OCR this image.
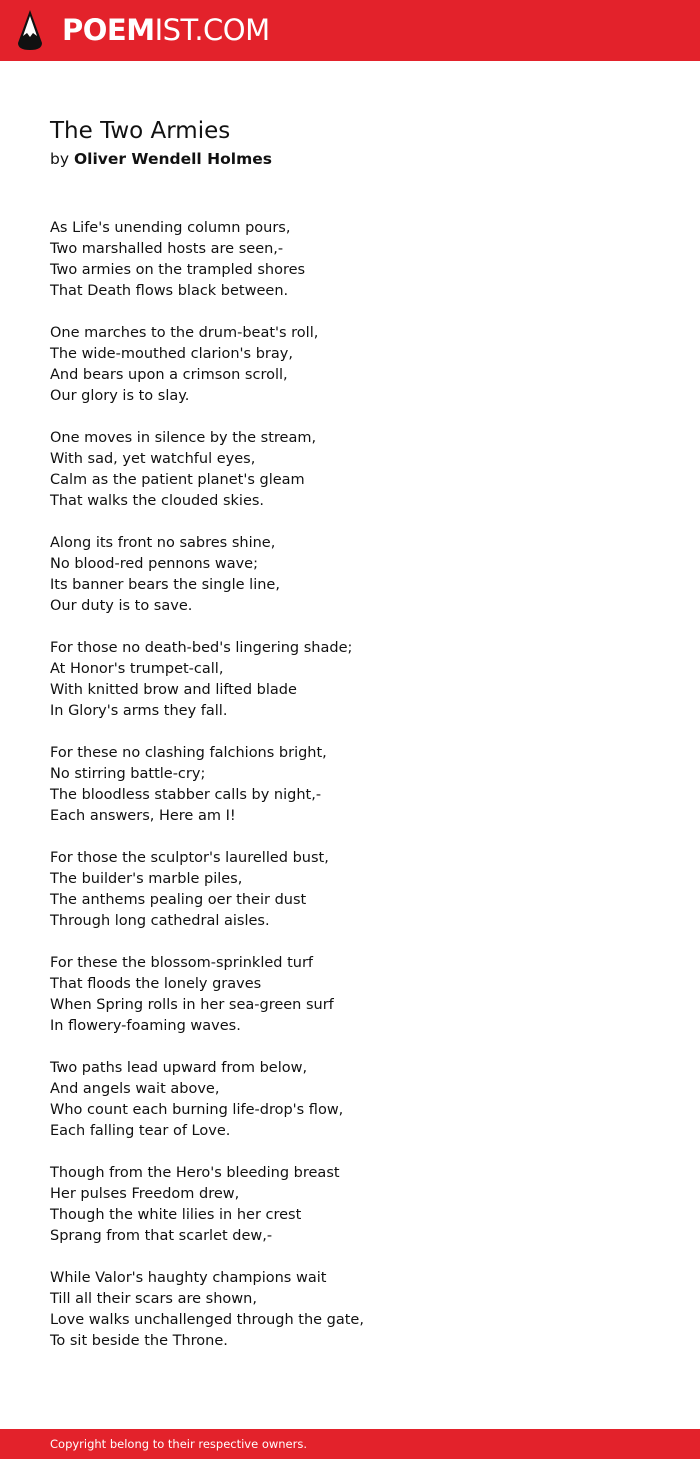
POEMIST.COM
The Two Armies
by Oliver Wendell Holmes
As Life's unending column pours,
Two marshalled hosts are seen,-
Two armies on the trampled shores
That Death flows black between.
One marches to the drum-beat's roll,
The wide-mouthed clarion's bray,
And bears upon a crimson scroll,
Our glory is to slay.
One moves in silence by the stream,
With sad, yet watchful eyes,
Calm as the patient planet's gleam
That walks the clouded skies.
Along its front no sabres shine,
No blood-red pennons wave;
Its banner bears the single line,
Our duty is to save.
For those no death-bed's lingering shade;
At Honor's trumpet-call,
With knitted brow and lifted blade
In Glory's arms they fall.
For these no clashing falchions bright,
No stirring battle-cry;
The bloodless stabber calls by night,-
Each answers, Here am I!
For those the sculptor's laurelled bust,
The builder's marble piles,
The anthems pealing oer their dust
Through long cathedral aisles.
For these the blossom-sprinkled turf
That floods the lonely graves
When Spring rolls in her sea-green surf
In flowery-foaming waves.
Two paths lead upward from below,
And angels wait above,
Who count each burning life-drop's flow,
Each falling tear of Love.
Though from the Hero's bleeding breast
Her pulses Freedom drew,
Though the white lilies in her crest
Sprang from that scarlet dew,-
While Valor's haughty champions wait
Till all their scars are shown,
Love walks unchallenged through the gate,
To sit beside the Throne.
Copyright belong to their respective owners.
